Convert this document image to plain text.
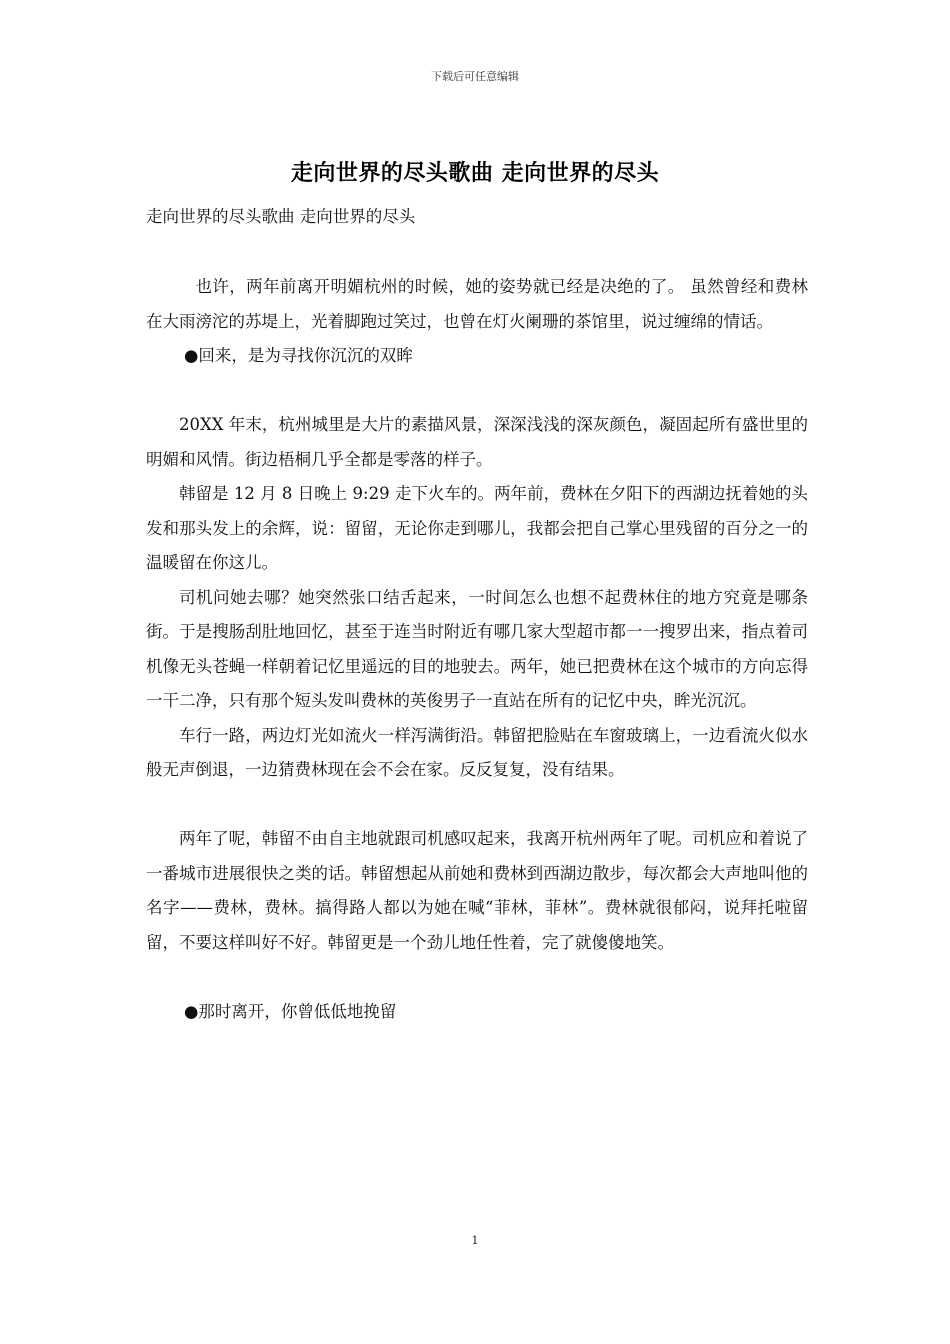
下载后可任意编辑
走向世界的尽头歌曲 走向世界的尽头
走向世界的尽头歌曲 走向世界的尽头

也许，两年前离开明媚杭州的时候，她的姿势就已经是决绝的了。 虽然曾经和费林在大雨滂沱的苏堤上，光着脚跑过笑过，也曾在灯火阑珊的茶馆里，说过缠绵的情话。

●回来，是为寻找你沉沉的双眸

20XX 年末，杭州城里是大片的素描风景，深深浅浅的深灰颜色，凝固起所有盛世里的明媚和风情。街边梧桐几乎全都是零落的样子。

韩留是 12 月 8 日晚上 9:29 走下火车的。两年前，费林在夕阳下的西湖边抚着她的头发和那头发上的余辉，说：留留，无论你走到哪儿，我都会把自己掌心里残留的百分之一的温暖留在你这儿。

司机问她去哪？她突然张口结舌起来，一时间怎么也想不起费林住的地方究竟是哪条街。于是搜肠刮肚地回忆，甚至于连当时附近有哪几家大型超市都一一搜罗出来，指点着司机像无头苍蝇一样朝着记忆里遥远的目的地驶去。两年，她已把费林在这个城市的方向忘得一干二净，只有那个短头发叫费林的英俊男子一直站在所有的记忆中央，眸光沉沉。

车行一路，两边灯光如流火一样泻满街沿。韩留把脸贴在车窗玻璃上，一边看流火似水般无声倒退，一边猜费林现在会不会在家。反反复复，没有结果。

两年了呢，韩留不由自主地就跟司机感叹起来，我离开杭州两年了呢。司机应和着说了一番城市进展很快之类的话。韩留想起从前她和费林到西湖边散步，每次都会大声地叫他的名字——费林，费林。搞得路人都以为她在喊“菲林，菲林”。费林就很郁闷，说拜托啦留留，不要这样叫好不好。韩留更是一个劲儿地任性着，完了就傻傻地笑。

●那时离开，你曾低低地挽留

1
